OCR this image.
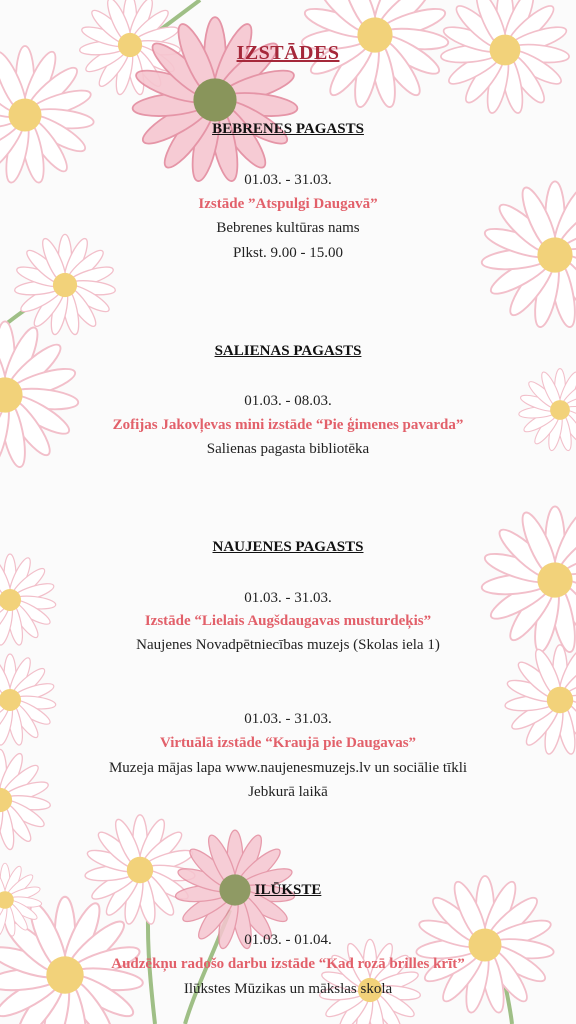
IZSTĀDES
BEBRENES PAGASTS
01.03. - 31.03.
Izstāde ”Atspulgi Daugavā”
Bebrenes kultūras nams
Plkst. 9.00 - 15.00
SALIENAS PAGASTS
01.03. - 08.03.
Zofijas Jakovļevas mini izstāde “Pie ģimenes pavarda”
Salienas pagasta bibliotēka
NAUJENES PAGASTS
01.03. - 31.03.
Izstāde “Lielais Augšdaugavas musturdeķis”
Naujenes Novadpētniecības muzejs (Skolas iela 1)
01.03. - 31.03.
Virtuālā izstāde “Kraujā pie Daugavas”
Muzeja mājas lapa www.naujenesmuzejs.lv un sociālie tīkli
Jebkurā laikā
ILŪKSTE
01.03. - 01.04.
Audzēkņu radošo darbu izstāde “Kad rozā brilles krīt”
Ilūkstes Mūzikas un mākslas skola
